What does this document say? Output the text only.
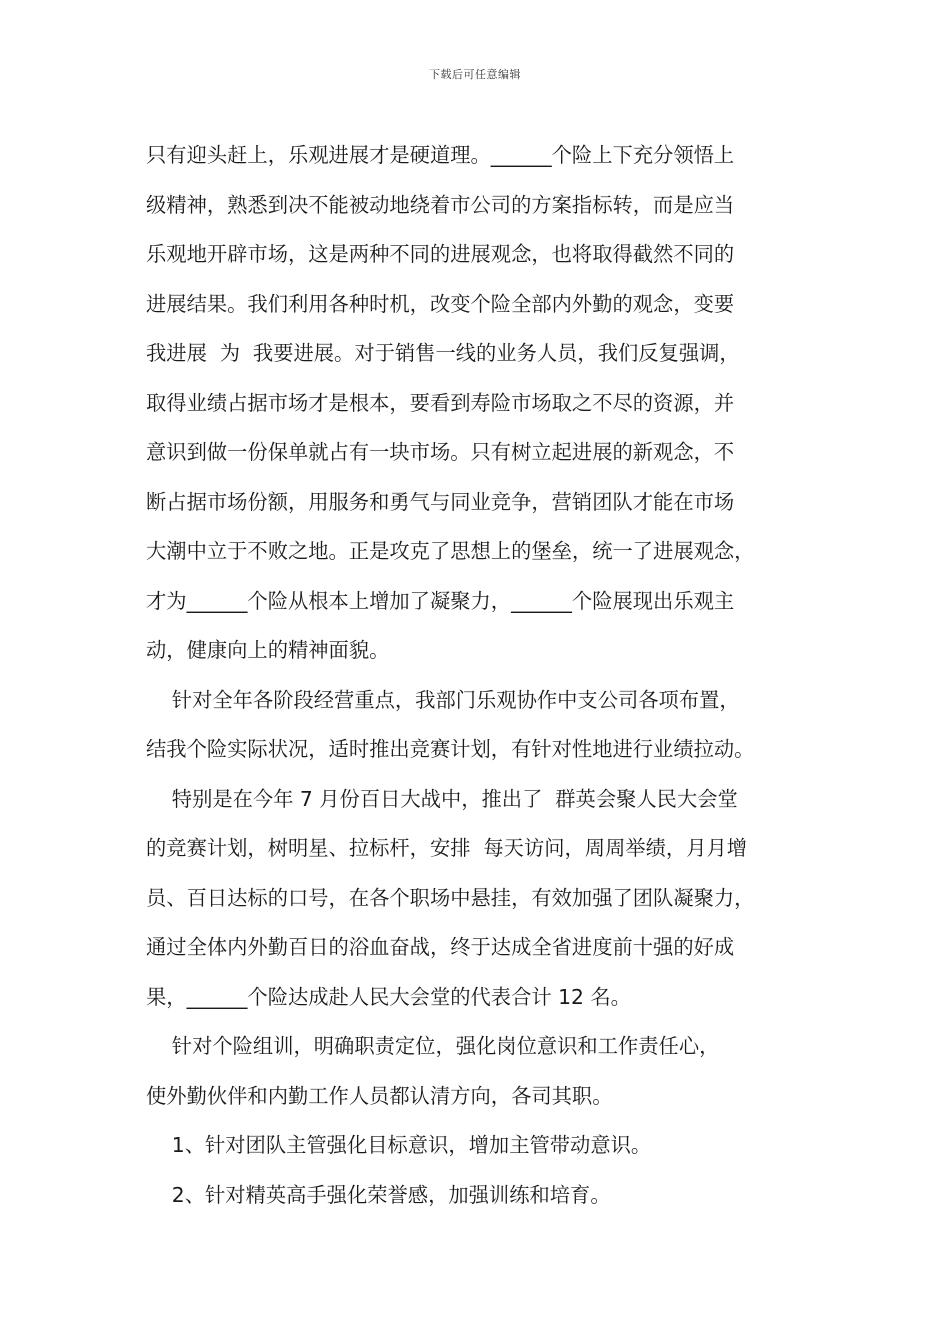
下载后可任意编辑
只有迎头赶上，乐观进展才是硬道理。______个险上下充分领悟上
级精神，熟悉到决不能被动地绕着市公司的方案指标转，而是应当
乐观地开辟市场，这是两种不同的进展观念，也将取得截然不同的
进展结果。我们利用各种时机，改变个险全部内外勤的观念，变要
我进展  为  我要进展。对于销售一线的业务人员，我们反复强调，
取得业绩占据市场才是根本，要看到寿险市场取之不尽的资源，并
意识到做一份保单就占有一块市场。只有树立起进展的新观念，不
断占据市场份额，用服务和勇气与同业竞争，营销团队才能在市场
大潮中立于不败之地。正是攻克了思想上的堡垒，统一了进展观念，
才为______个险从根本上增加了凝聚力，______个险展现出乐观主
动，健康向上的精神面貌。
针对全年各阶段经营重点，我部门乐观协作中支公司各项布置，
结我个险实际状况，适时推出竞赛计划，有针对性地进行业绩拉动。
特别是在今年 7 月份百日大战中，推出了  群英会聚人民大会堂
的竞赛计划，树明星、拉标杆，安排  每天访问，周周举绩，月月增
员、百日达标的口号，在各个职场中悬挂，有效加强了团队凝聚力，
通过全体内外勤百日的浴血奋战，终于达成全省进度前十强的好成
果，______个险达成赴人民大会堂的代表合计 12 名。
针对个险组训，明确职责定位，强化岗位意识和工作责任心，
使外勤伙伴和内勤工作人员都认清方向，各司其职。
1、针对团队主管强化目标意识，增加主管带动意识。
2、针对精英高手强化荣誉感，加强训练和培育。
